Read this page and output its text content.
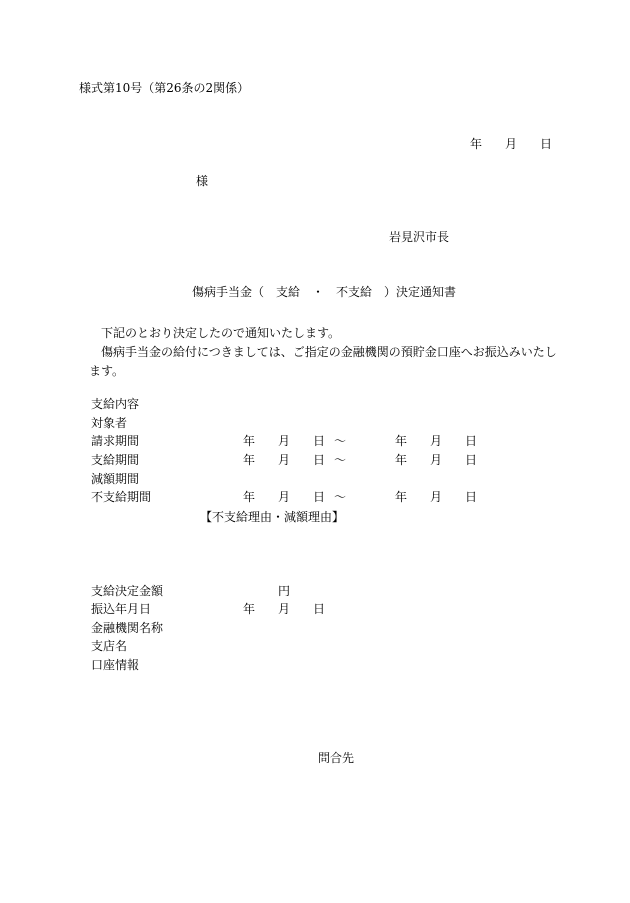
様式第10号（第26条の2関係）
年 月 日
様
岩見沢市長
傷病手当金（　支給　・　不支給　）決定通知書

下記のとおり決定したので通知いたします。

傷病手当金の給付につきましては、ご指定の金融機関の預貯金口座へお振込みいたします。

支給内容
対象者
請求期間	年 月 日 〜	年 月 日
支給期間	年 月 日 〜	年 月 日
減額期間
不支給期間	年 月 日 〜	年 月 日
【不支給理由・減額理由】
支給決定金額	円
振込年月日	年 月 日
金融機関名称
支店名
口座情報
問合先
